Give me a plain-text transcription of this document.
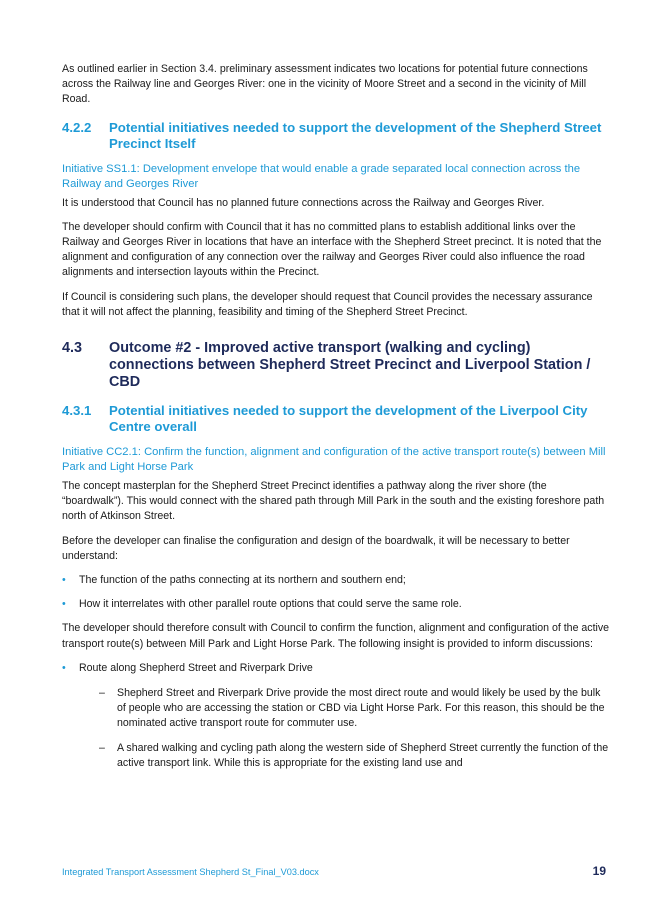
As outlined earlier in Section 3.4. preliminary assessment indicates two locations for potential future connections across the Railway line and Georges River: one in the vicinity of Moore Street and a second in the vicinity of Mill Road.

4.2.2	Potential initiatives needed to support the development of the Shepherd Street Precinct Itself
Initiative SS1.1: Development envelope that would enable a grade separated local connection across the Railway and Georges River

It is understood that Council has no planned future connections across the Railway and Georges River.

The developer should confirm with Council that it has no committed plans to establish additional links over the Railway and Georges River in locations that have an interface with the Shepherd Street precinct. It is noted that the alignment and configuration of any connection over the railway and Georges River could also influence the road alignments and intersection layouts within the Precinct.

If Council is considering such plans, the developer should request that Council provides the necessary assurance that it will not affect the planning, feasibility and timing of the Shepherd Street Precinct.

4.3	Outcome #2 - Improved active transport (walking and cycling) connections between Shepherd Street Precinct and Liverpool Station / CBD
4.3.1	Potential initiatives needed to support the development of the Liverpool City Centre overall
Initiative CC2.1: Confirm the function, alignment and configuration of the active transport route(s) between Mill Park and Light Horse Park

The concept masterplan for the Shepherd Street Precinct identifies a pathway along the river shore (the “boardwalk”). This would connect with the shared path through Mill Park in the south and the existing foreshore path north of Atkinson Street.

Before the developer can finalise the configuration and design of the boardwalk, it will be necessary to better understand:

• The function of the paths connecting at its northern and southern end;
• How it interrelates with other parallel route options that could serve the same role.

The developer should therefore consult with Council to confirm the function, alignment and configuration of the active transport route(s) between Mill Park and Light Horse Park. The following insight is provided to inform discussions:

• Route along Shepherd Street and Riverpark Drive
– Shepherd Street and Riverpark Drive provide the most direct route and would likely be used by the bulk of people who are accessing the station or CBD via Light Horse Park. For this reason, this should be the nominated active transport route for commuter use.
– A shared walking and cycling path along the western side of Shepherd Street currently the function of the active transport link. While this is appropriate for the existing land use and
Integrated Transport Assessment Shepherd St_Final_V03.docx	19
